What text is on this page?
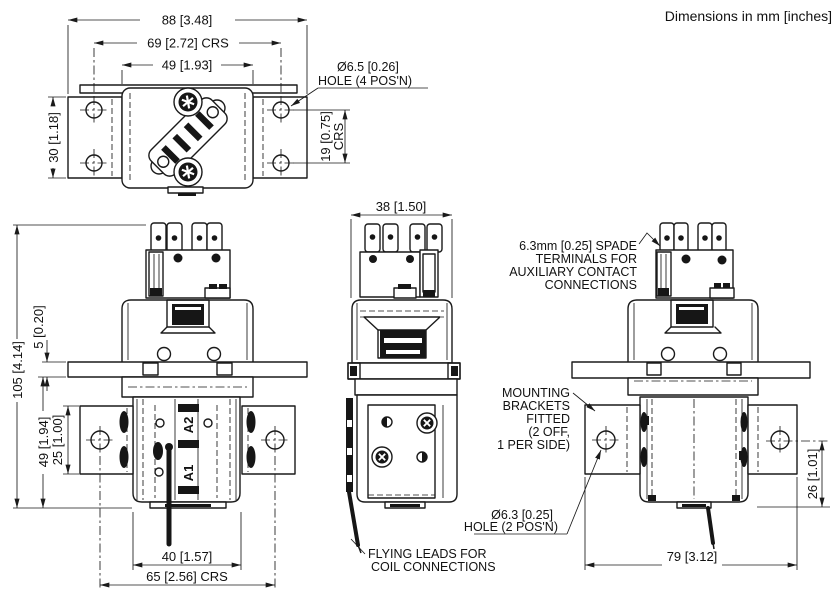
Dimensions in mm [inches]
88 [3.48]
69 [2.72] CRS
49 [1.93]
30 [1.18]	19 [0.75]
CRS
Ø6.5 [0.26]
HOLE (4 POS'N)
A2
A1
105 [4.14]
5 [0.20]
49 [1.94] 25 [1.00]
40 [1.57]
65 [2.56] CRS
38 [1.50]
FLYING LEADS FOR
COIL CONNECTIONS
79 [3.12]
26 [1.01]
6.3mm [0.25] SPADE
TERMINALS FOR
AUXILIARY CONTACT
CONNECTIONS
MOUNTING
BRACKETS
FITTED
(2 OFF,
1 PER SIDE)
Ø6.3 [0.25]
HOLE (2 POS'N)
